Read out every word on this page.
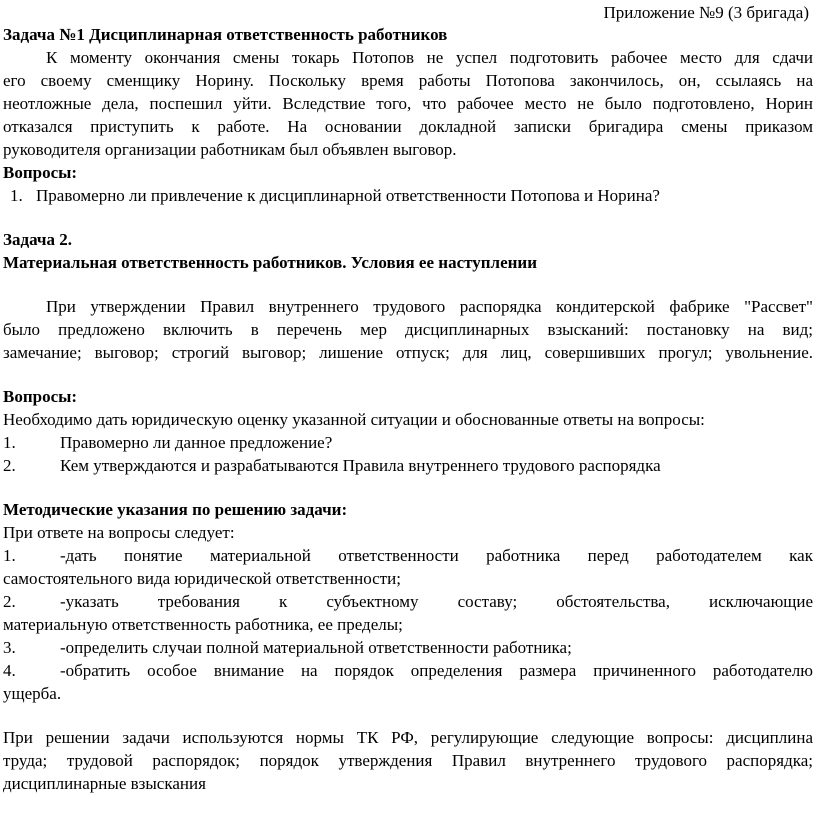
Приложение №9 (3 бригада)
Задача №1 Дисциплинарная ответственность работников
К моменту окончания смены токарь Потопов не успел подготовить рабочее место для сдачи
его своему сменщику Норину. Поскольку время работы Потопова закончилось, он, ссылаясь на
неотложные дела, поспешил уйти. Вследствие того, что рабочее место не было подготовлено, Норин
отказался приступить к работе. На основании докладной записки бригадира смены приказом
руководителя организации работникам был объявлен выговор.
Вопросы:
1. Правомерно ли привлечение к дисциплинарной ответственности Потопова и Норина?
Задача 2.
Материальная ответственность работников. Условия ее наступлении
При утверждении Правил внутреннего трудового распорядка кондитерской фабрике "Рассвет"
было предложено включить в перечень мер дисциплинарных взысканий: постановку на вид;
замечание; выговор; строгий выговор; лишение отпуск; для лиц, совершивших прогул; увольнение.
Вопросы:
Необходимо дать юридическую оценку указанной ситуации и обоснованные ответы на вопросы:
1.	Правомерно ли данное предложение?
2.	Кем утверждаются и разрабатываются Правила внутреннего трудового распорядка
Методические указания по решению задачи:
При ответе на вопросы следует:
1.	-дать понятие материальной ответственности работника перед работодателем как
самостоятельного вида юридической ответственности;
2.	-указать требования к субъектному составу; обстоятельства, исключающие
материальную ответственность работника, ее пределы;
3.	-определить случаи полной материальной ответственности работника;
4.	-обратить особое внимание на порядок определения размера причиненного работодателю
ущерба.
При решении задачи используются нормы ТК РФ, регулирующие следующие вопросы: дисциплина
труда; трудовой распорядок; порядок утверждения Правил внутреннего трудового распорядка;
дисциплинарные взыскания
